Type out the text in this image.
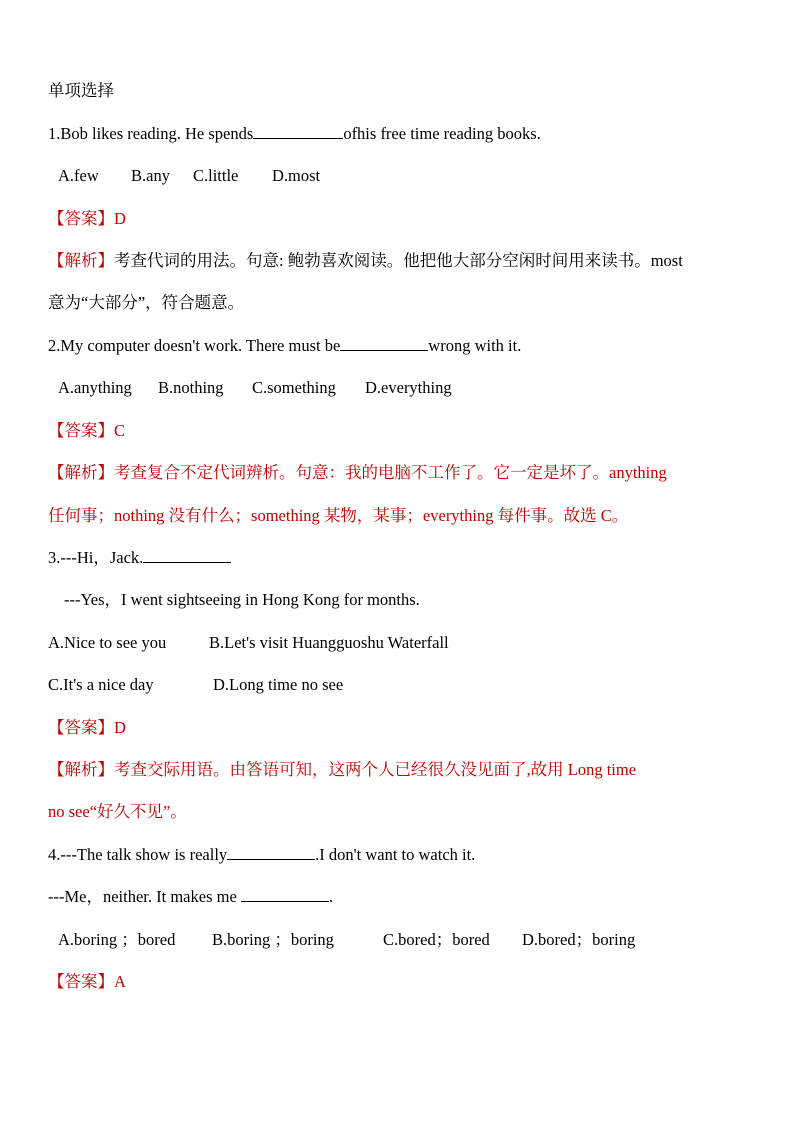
单项选择
1.Bob likes reading. He spends	ofhis free time reading books.
A.few B.any C.little D.most
【答案】D
【解析】考查代词的用法。句意: 鲍勃喜欢阅读。他把他大部分空闲时间用来读书。most
意为“大部分”，符合题意。
2.My computer doesn't work. There must be	wrong with it.
A.anything B.nothing C.something D.everything
【答案】C
【解析】考查复合不定代词辨析。句意：我的电脑不工作了。它一定是坏了。anything
任何事；nothing 没有什么；something 某物，某事；everything 每件事。故选 C。
3.---Hi，Jack.
---Yes，I went sightseeing in Hong Kong for months.
A.Nice to see you	B.Let's visit Huangguoshu Waterfall
C.It's a nice day	D.Long time no see
【答案】D
【解析】考查交际用语。由答语可知，这两个人已经很久没见面了,故用 Long time
no see“好久不见”。
4.---The talk show is really	.I don't want to watch it.
---Me，neither. It makes me	.
A.boring ；bored B.boring ；boring	C.bored；bored D.bored；boring
【答案】A
